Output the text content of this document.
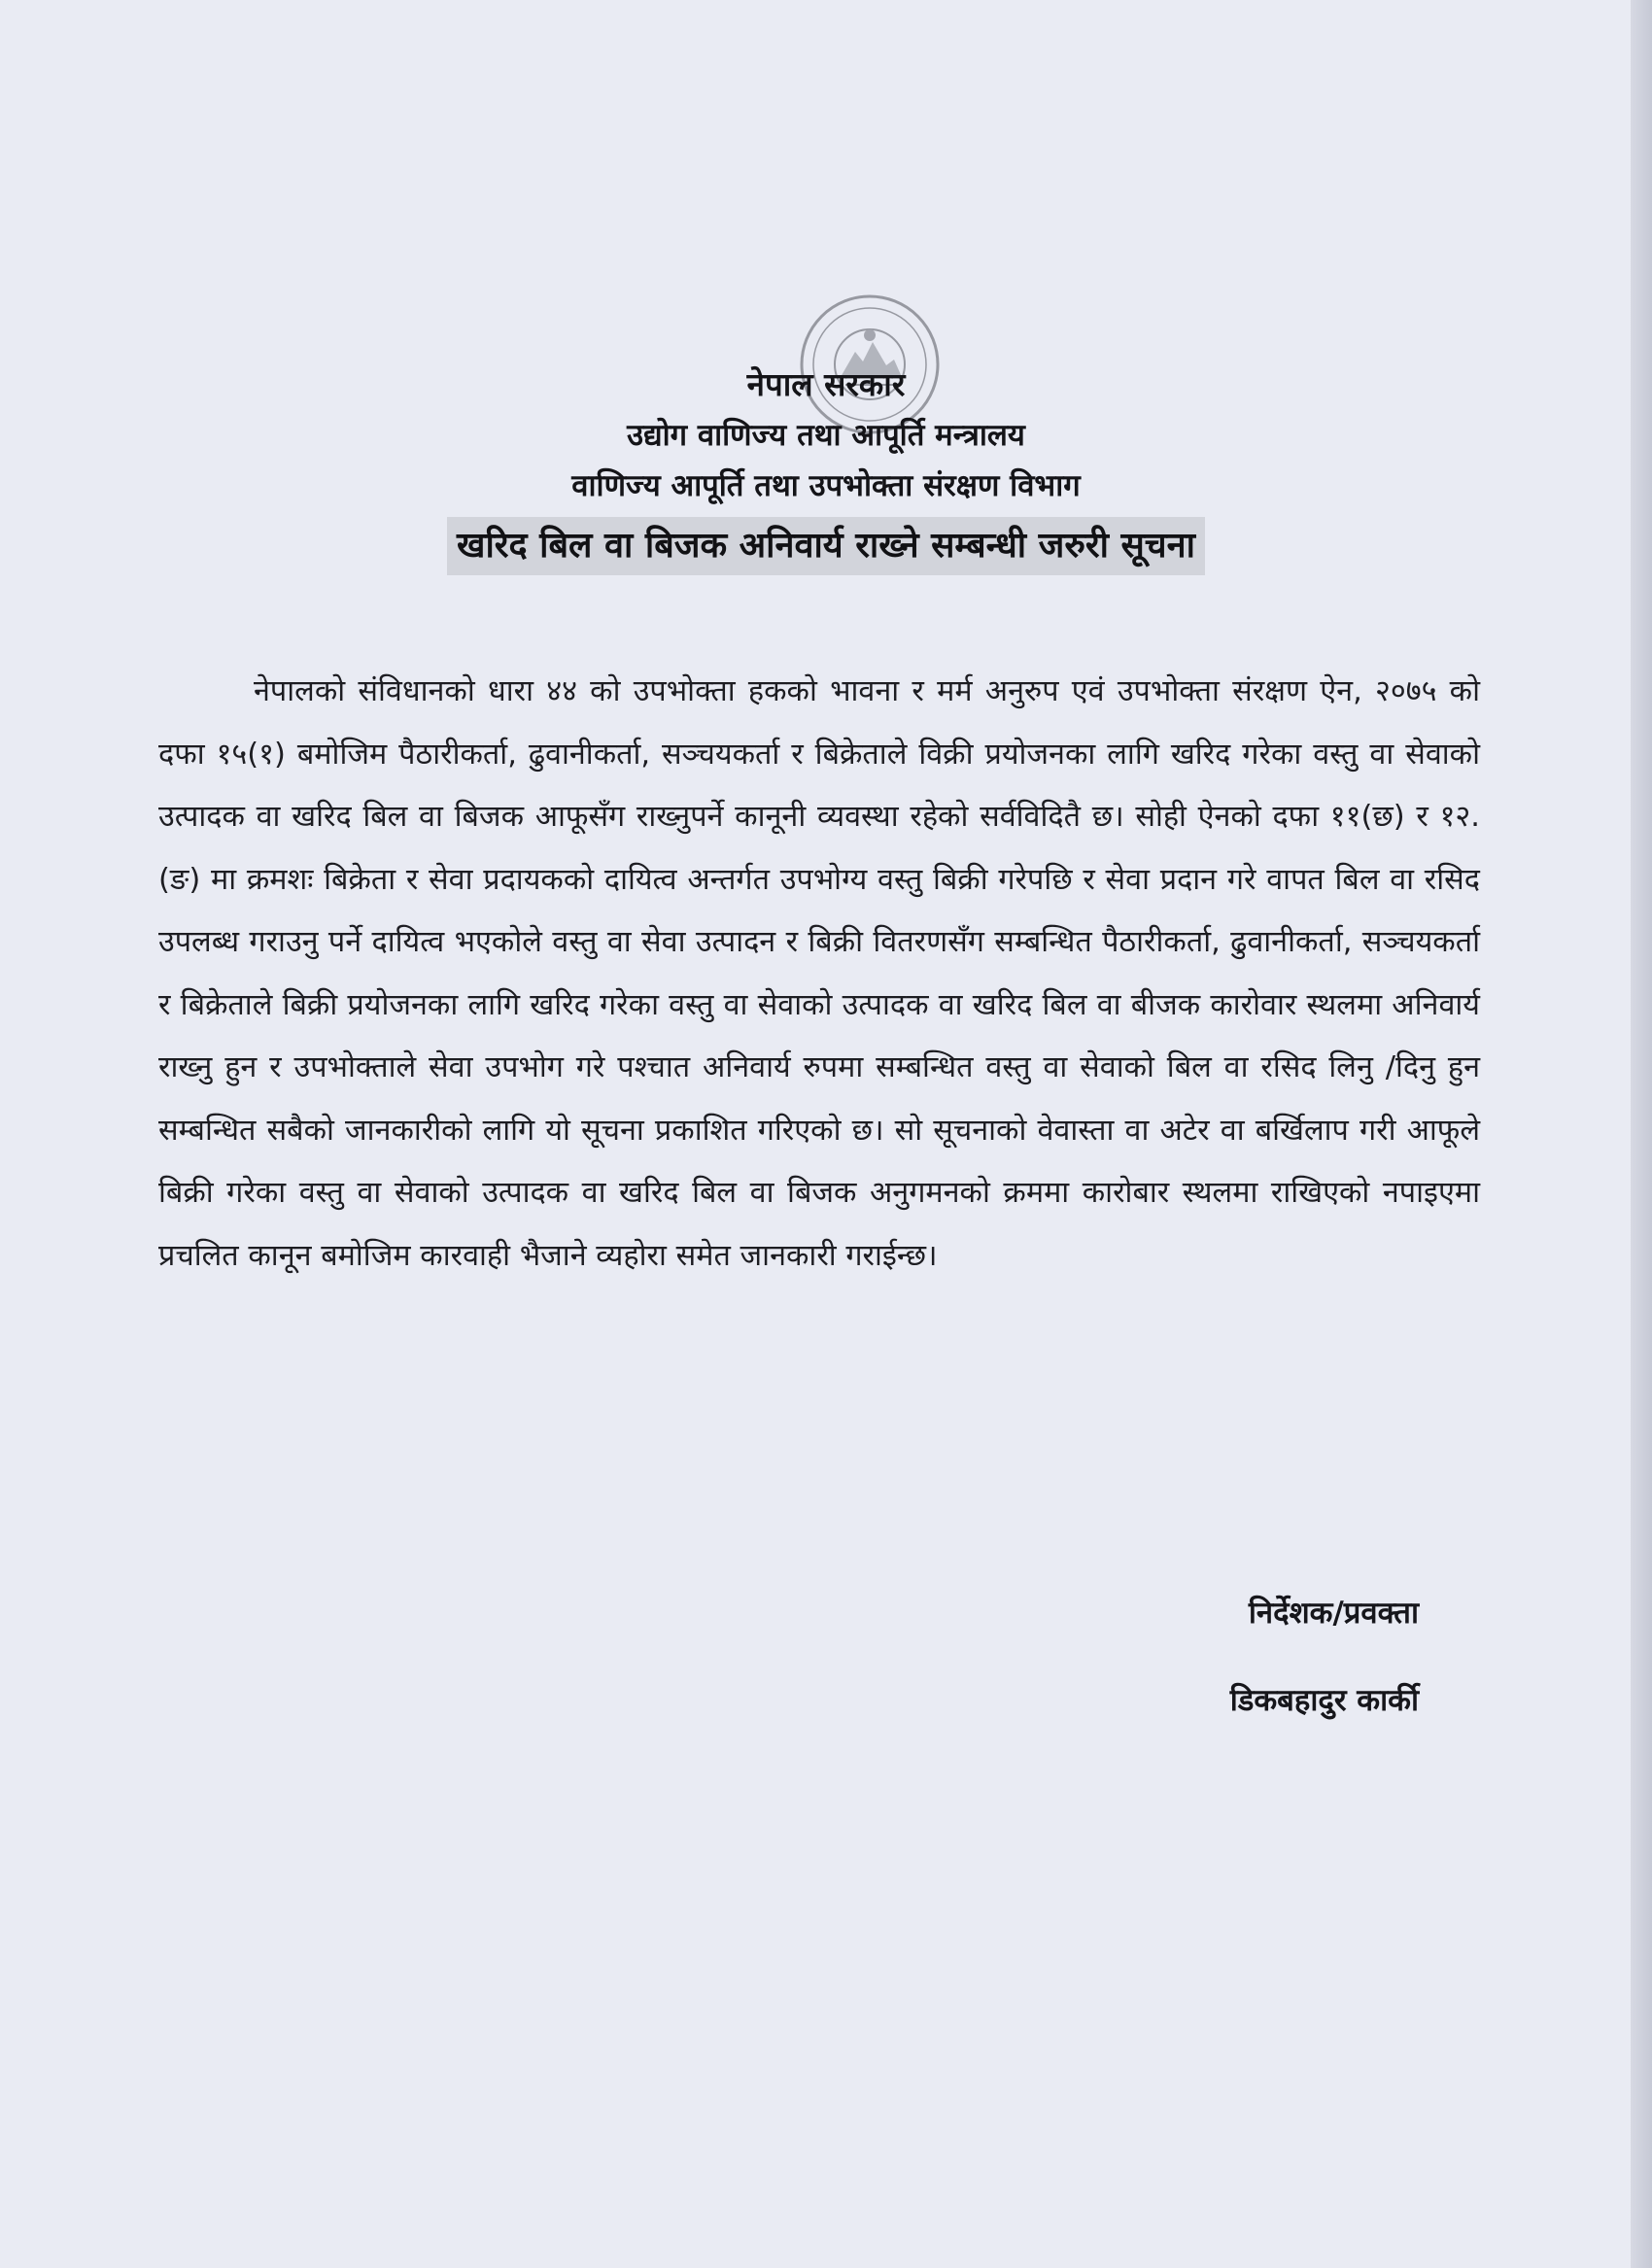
नेपाल सरकार
उद्योग वाणिज्य तथा आपूर्ति मन्त्रालय
वाणिज्य आपूर्ति तथा उपभोक्ता संरक्षण विभाग
खरिद बिल वा बिजक अनिवार्य राख्ने सम्बन्धी जरुरी सूचना

नेपालको संविधानको धारा ४४ को उपभोक्ता हकको भावना र मर्म अनुरुप एवं उपभोक्ता संरक्षण ऐन, २०७५ को दफा १५(१) बमोजिम पैठारीकर्ता, ढुवानीकर्ता, सञ्चयकर्ता र बिक्रेताले विक्री प्रयोजनका लागि खरिद गरेका वस्तु वा सेवाको उत्पादक वा खरिद बिल वा बिजक आफूसँग राख्नुपर्ने कानूनी व्यवस्था रहेको सर्वविदितै छ। सोही ऐनको दफा ११(छ) र १२.(ङ) मा क्रमशः बिक्रेता र सेवा प्रदायकको दायित्व अन्तर्गत उपभोग्य वस्तु बिक्री गरेपछि र सेवा प्रदान गरे वापत बिल वा रसिद उपलब्ध गराउनु पर्ने दायित्व भएकोले वस्तु वा सेवा उत्पादन र बिक्री वितरणसँग सम्बन्धित पैठारीकर्ता, ढुवानीकर्ता, सञ्चयकर्ता र बिक्रेताले बिक्री प्रयोजनका लागि खरिद गरेका वस्तु वा सेवाको उत्पादक वा खरिद बिल वा बीजक कारोवार स्थलमा अनिवार्य राख्नु हुन र उपभोक्ताले सेवा उपभोग गरे पश्चात अनिवार्य रुपमा सम्बन्धित वस्तु वा सेवाको बिल वा रसिद लिनु /दिनु हुन सम्बन्धित सबैको जानकारीको लागि यो सूचना प्रकाशित गरिएको छ। सो सूचनाको वेवास्ता वा अटेर वा बर्खिलाप गरी आफूले बिक्री गरेका वस्तु वा सेवाको उत्पादक वा खरिद बिल वा बिजक अनुगमनको क्रममा कारोबार स्थलमा राखिएको नपाइएमा प्रचलित कानून बमोजिम कारवाही भैजाने व्यहोरा समेत जानकारी गराईन्छ।

निर्देशक/प्रवक्ता
डिकबहादुर कार्की
